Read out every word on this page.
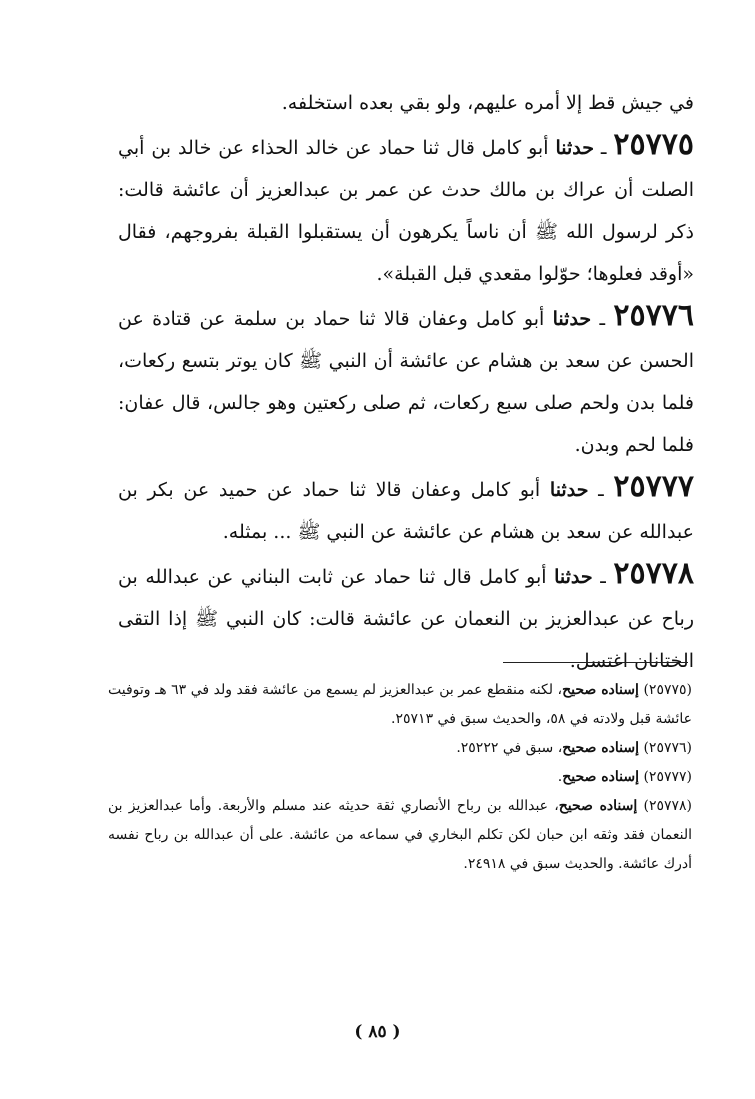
في جيش قط إلا أمره عليهم، ولو بقي بعده استخلفه.

٢٥٧٧٥ ـ حدثنا أبو كامل قال ثنا حماد عن خالد الحذاء عن خالد بن أبي الصلت أن عراك بن مالك حدث عن عمر بن عبدالعزيز أن عائشة قالت: ذكر لرسول الله ﷺ أن ناساً يكرهون أن يستقبلوا القبلة بفروجهم، فقال «أوقد فعلوها؛ حوّلوا مقعدي قبل القبلة».

٢٥٧٧٦ ـ حدثنا أبو كامل وعفان قالا ثنا حماد بن سلمة عن قتادة عن الحسن عن سعد بن هشام عن عائشة أن النبي ﷺ كان يوتر بتسع ركعات، فلما بدن ولحم صلى سبع ركعات، ثم صلى ركعتين وهو جالس، قال عفان: فلما لحم وبدن.

٢٥٧٧٧ ـ حدثنا أبو كامل وعفان قالا ثنا حماد عن حميد عن بكر بن عبدالله عن سعد بن هشام عن عائشة عن النبي ﷺ ... بمثله.

٢٥٧٧٨ ـ حدثنا أبو كامل قال ثنا حماد عن ثابت البناني عن عبدالله بن رباح عن عبدالعزيز بن النعمان عن عائشة قالت: كان النبي ﷺ إذا التقى الختانان اغتسل.

(٢٥٧٧٥) إسناده صحيح، لكنه منقطع عمر بن عبدالعزيز لم يسمع من عائشة فقد ولد في ٦٣ هـ وتوفيت عائشة قبل ولادته في ٥٨، والحديث سبق في ٢٥٧١٣.

(٢٥٧٧٦) إسناده صحيح، سبق في ٢٥٢٢٢.

(٢٥٧٧٧) إسناده صحيح.

(٢٥٧٧٨) إسناده صحيح، عبدالله بن رباح الأنصاري ثقة حديثه عند مسلم والأربعة. وأما عبدالعزيز بن النعمان فقد وثقه ابن حبان لكن تكلم البخاري في سماعه من عائشة. على أن عبدالله بن رباح نفسه أدرك عائشة. والحديث سبق في ٢٤٩١٨.

( ٨٥ )
